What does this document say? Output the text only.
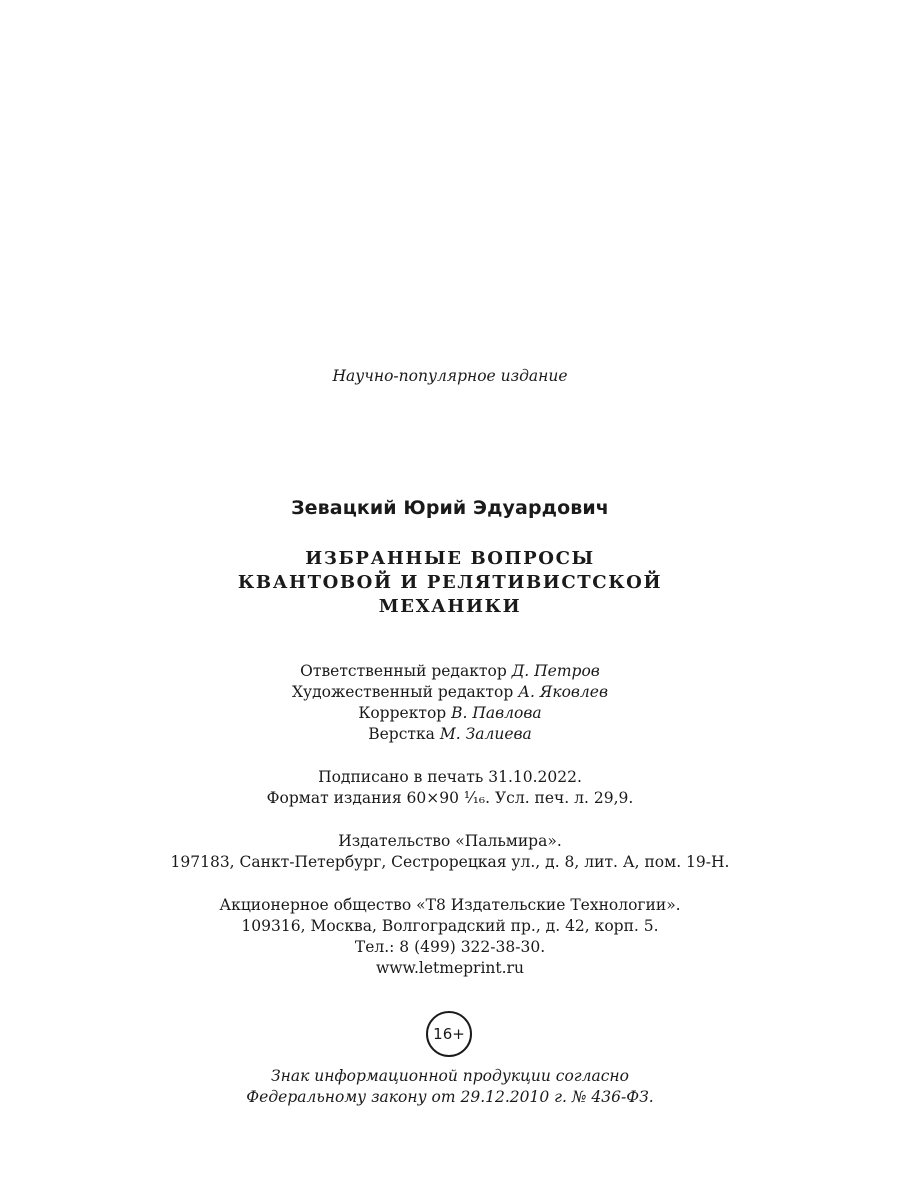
Научно-популярное издание
Зевацкий Юрий Эдуардович
ИЗБРАННЫЕ ВОПРОСЫ
КВАНТОВОЙ И РЕЛЯТИВИСТСКОЙ
МЕХАНИКИ
Ответственный редактор Д. Петров
Художественный редактор А. Яковлев
Корректор В. Павлова
Верстка М. Залиева
Подписано в печать 31.10.2022.
Формат издания 60×90 ¹⁄₁₆. Усл. печ. л. 29,9.
Издательство «Пальмира».
197183, Санкт-Петербург, Сестрорецкая ул., д. 8, лит. А, пом. 19-Н.
Акционерное общество «Т8 Издательские Технологии».
109316, Москва, Волгоградский пр., д. 42, корп. 5.
Тел.: 8 (499) 322-38-30.
www.letmeprint.ru
16+
Знак информационной продукции согласно
Федеральному закону от 29.12.2010 г. № 436-ФЗ.
